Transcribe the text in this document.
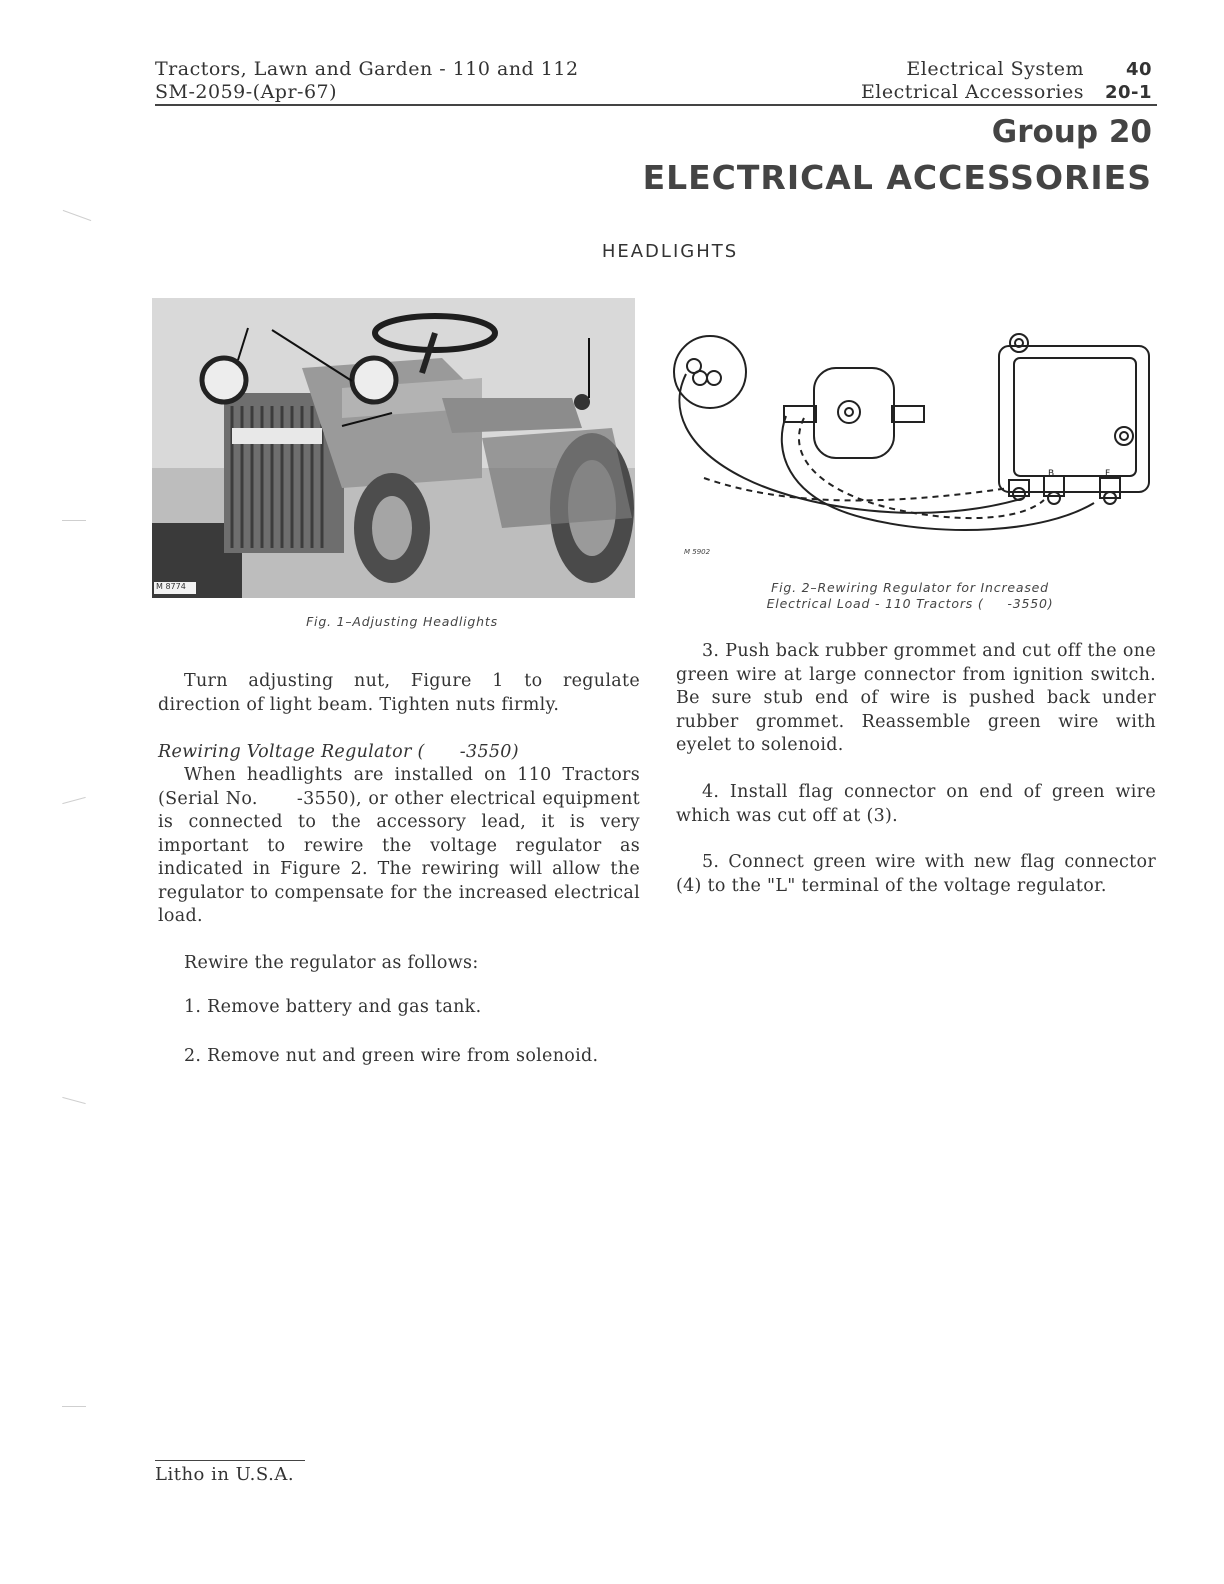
Tractors, Lawn and Garden - 110 and 112
SM-2059-(Apr-67)
Electrical System
Electrical Accessories
40
20-1
Group 20
ELECTRICAL ACCESSORIES
HEADLIGHTS
M 8774
Fig. 1–Adjusting Headlights
B	F
M 5902
Fig. 2–Rewiring Regulator for Increased
Electrical Load - 110 Tractors (     -3550)
Turn adjusting nut, Figure 1 to regulate direction of light beam. Tighten nuts firmly.
Rewiring Voltage Regulator (      -3550)
When headlights are installed on 110 Tractors (Serial No.      -3550), or other electrical equipment is connected to the accessory lead, it is very important to rewire the voltage regulator as indicated in Figure 2. The rewiring will allow the regulator to compensate for the increased electrical load.
Rewire the regulator as follows:
1. Remove battery and gas tank.
2. Remove nut and green wire from solenoid.
3. Push back rubber grommet and cut off the one green wire at large connector from ignition switch. Be sure stub end of wire is pushed back under rubber grommet. Reassemble green wire with eyelet to solenoid.
4. Install flag connector on end of green wire which was cut off at (3).
5. Connect green wire with new flag connector (4) to the "L" terminal of the voltage regulator.
Litho in U.S.A.
